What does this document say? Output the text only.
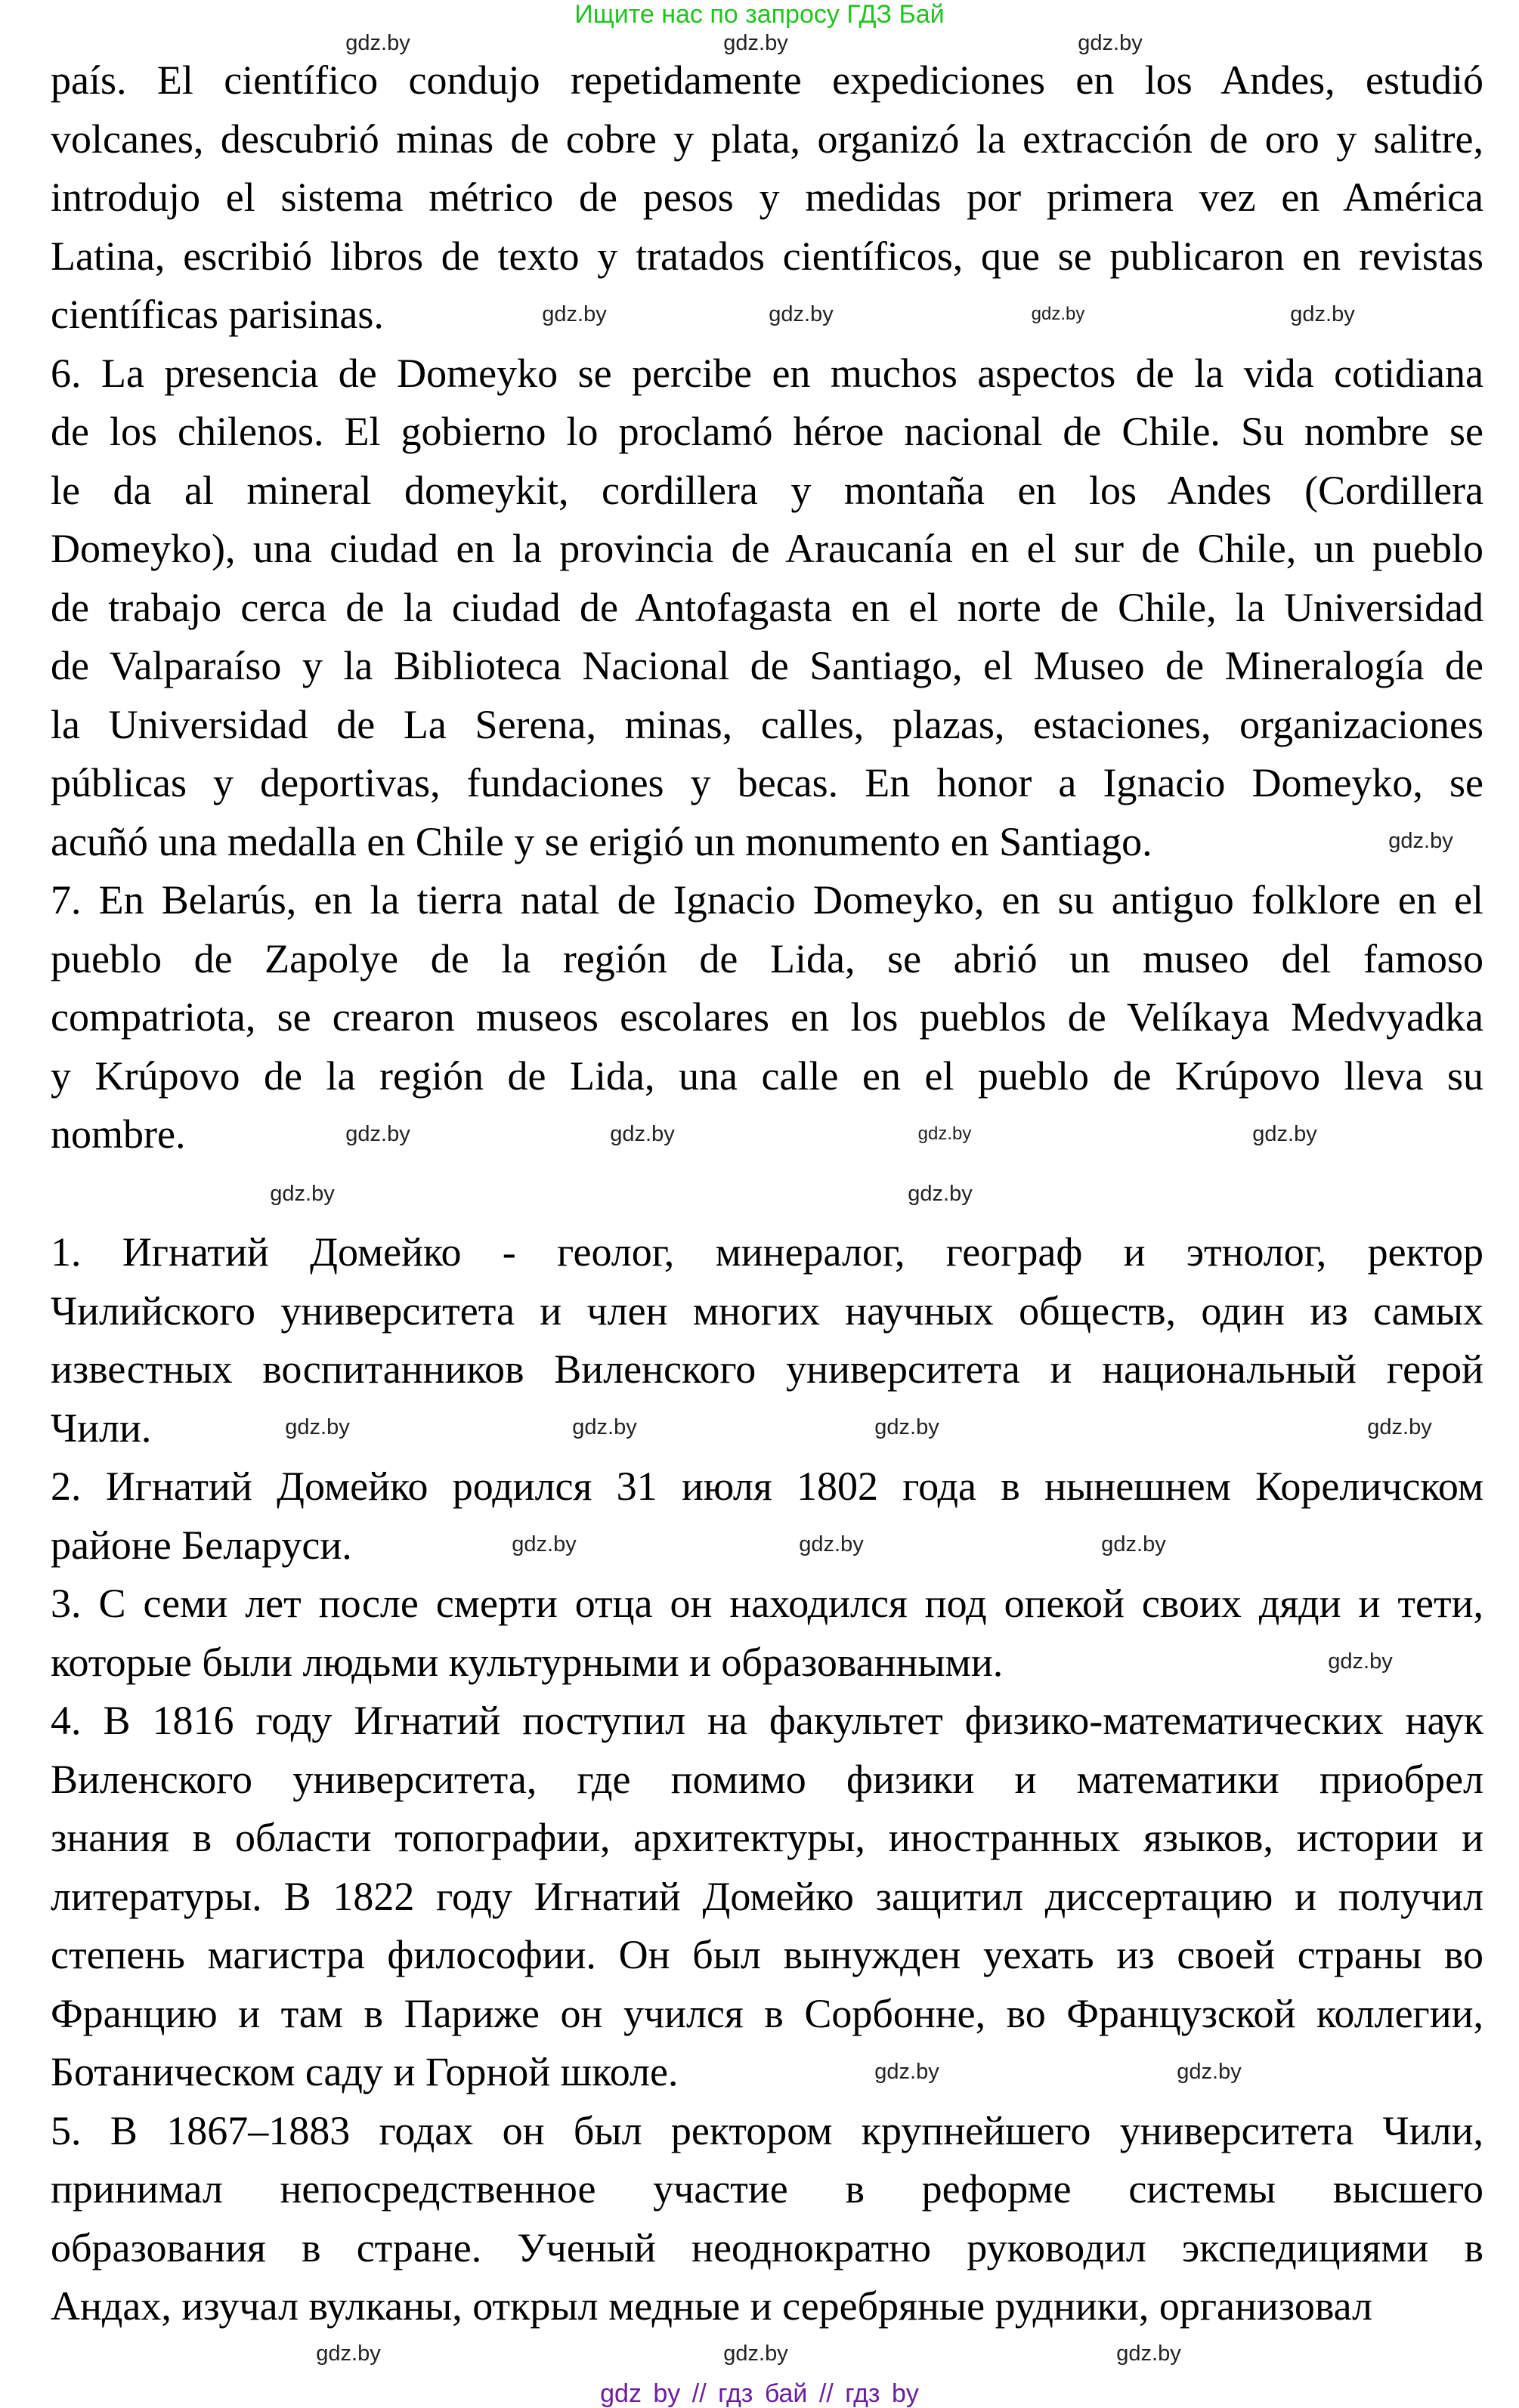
Ищите нас по запросу ГДЗ Бай
país. El científico condujo repetidamente expediciones en los Andes, estudió
volcanes, descubrió minas de cobre y plata, organizó la extracción de oro y salitre,
introdujo el sistema métrico de pesos y medidas por primera vez en América
Latina, escribió libros de texto y tratados científicos, que se publicaron en revistas
científicas parisinas.
6. La presencia de Domeyko se percibe en muchos aspectos de la vida cotidiana
de los chilenos. El gobierno lo proclamó héroe nacional de Chile. Su nombre se
le da al mineral domeykit, cordillera y montaña en los Andes (Cordillera
Domeyko), una ciudad en la provincia de Araucanía en el sur de Chile, un pueblo
de trabajo cerca de la ciudad de Antofagasta en el norte de Chile, la Universidad
de Valparaíso y la Biblioteca Nacional de Santiago, el Museo de Mineralogía de
la Universidad de La Serena, minas, calles, plazas, estaciones, organizaciones
públicas y deportivas, fundaciones y becas. En honor a Ignacio Domeyko, se
acuñó una medalla en Chile y se erigió un monumento en Santiago.
7. En Belarús, en la tierra natal de Ignacio Domeyko, en su antiguo folklore en el
pueblo de Zapolye de la región de Lida, se abrió un museo del famoso
compatriota, se crearon museos escolares en los pueblos de Velíkaya Medvyadka
y Krúpovo de la región de Lida, una calle en el pueblo de Krúpovo lleva su
nombre.
1. Игнатий Домейко - геолог, минералог, географ и этнолог, ректор
Чилийского университета и член многих научных обществ, один из самых
известных воспитанников Виленского университета и национальный герой
Чили.
2. Игнатий Домейко родился 31 июля 1802 года в нынешнем Кореличском
районе Беларуси.
3. С семи лет после смерти отца он находился под опекой своих дяди и тети,
которые были людьми культурными и образованными.
4. В 1816 году Игнатий поступил на факультет физико-математических наук
Виленского университета, где помимо физики и математики приобрел
знания в области топографии, архитектуры, иностранных языков, истории и
литературы. В 1822 году Игнатий Домейко защитил диссертацию и получил
степень магистра философии. Он был вынужден уехать из своей страны во
Францию и там в Париже он учился в Сорбонне, во Французской коллегии,
Ботаническом саду и Горной школе.
5. В 1867–1883 годах он был ректором крупнейшего университета Чили,
принимал непосредственное участие в реформе системы высшего
образования в стране. Ученый неоднократно руководил экспедициями в
Андах, изучал вулканы, открыл медные и серебряные рудники, организовал
gdz.by	gdz.by	gdz.by
gdz.by	gdz.by	gdz.by	gdz.by
gdz.by
gdz.by	gdz.by	gdz.by	gdz.by
gdz.by	gdz.by
gdz.by	gdz.by	gdz.by	gdz.by
gdz.by	gdz.by	gdz.by
gdz.by
gdz.by	gdz.by
gdz.by	gdz.by	gdz.by
gdz by // гдз бай // гдз by
